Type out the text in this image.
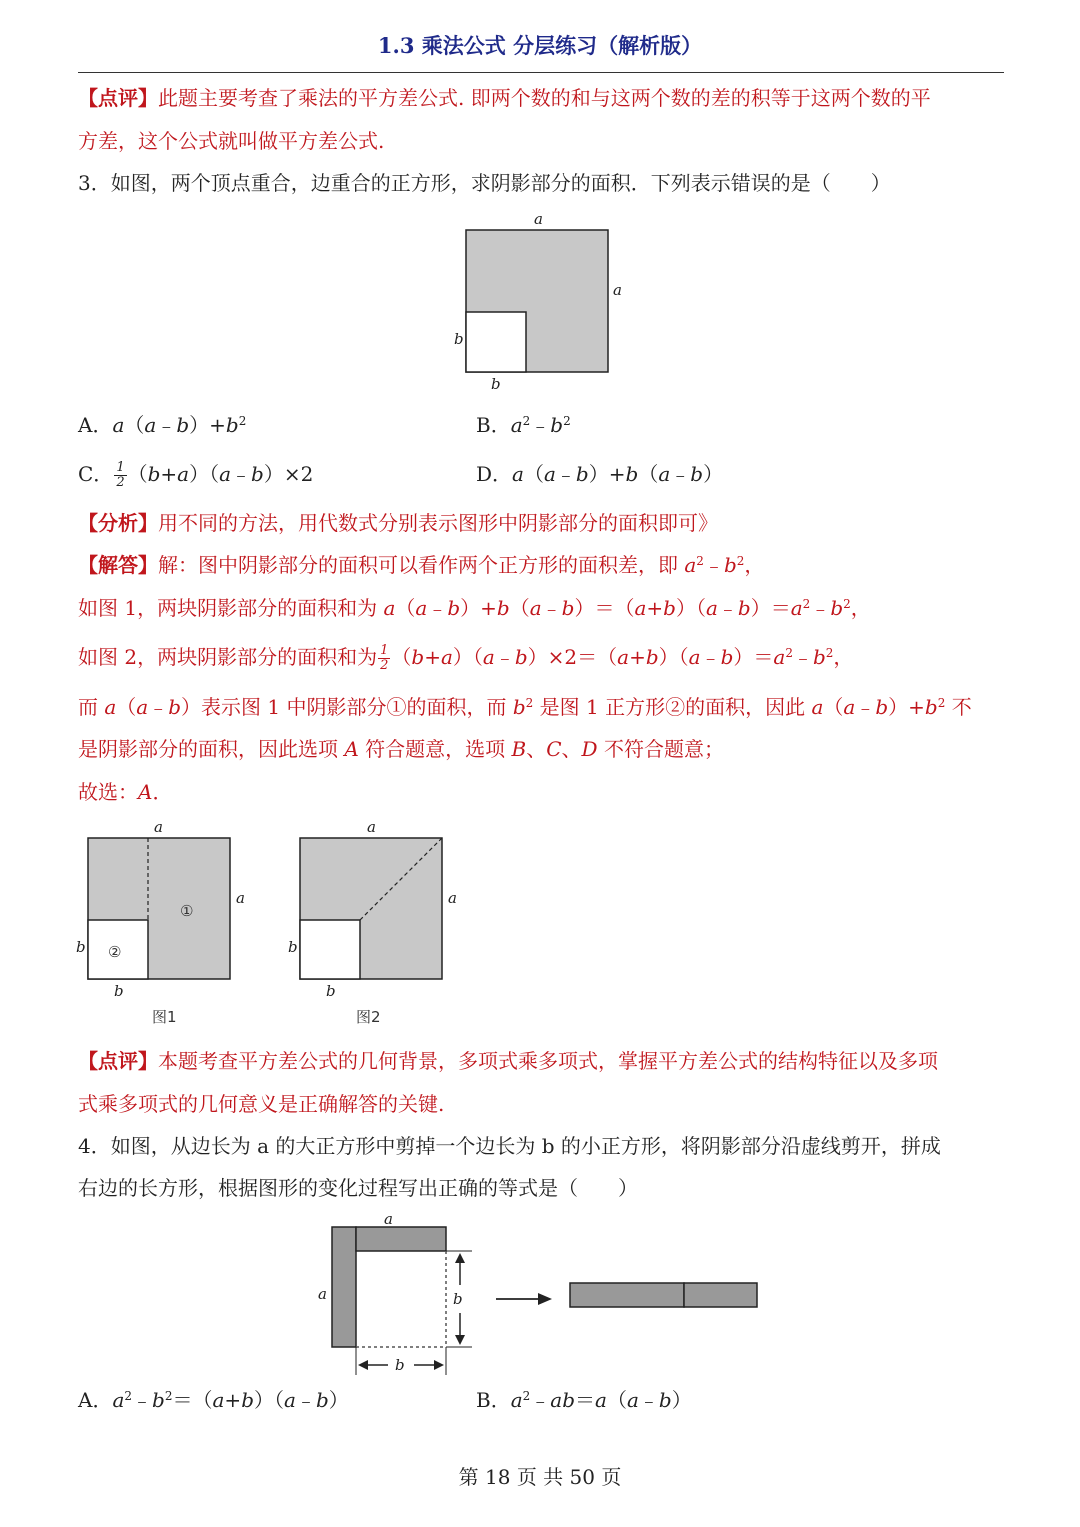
1.3 乘法公式 分层练习（解析版）
【点评】此题主要考查了乘法的平方差公式. 即两个数的和与这两个数的差的积等于这两个数的平
方差，这个公式就叫做平方差公式.
3．如图，两个顶点重合，边重合的正方形，求阴影部分的面积．下列表示错误的是（　　）
a
a
b
b
A．$a(a﹣b)+b^2$	B．$a^2﹣b^2$
C． $\frac{1}{2}$ （b+a）（a﹣b）×2	D．a（a﹣b）+b（a﹣b）
【分析】用不同的方法，用代数式分别表示图形中阴影部分的面积即可》
【解答】解：图中阴影部分的面积可以看作两个正方形的面积差，即 $a^2﹣b^2$，
如图 1，两块阴影部分的面积和为 $a(a﹣b)+b(a﹣b)=(a+b)(a﹣b)=a^2﹣b^2$，
如图 2，两块阴影部分的面积和为 $\frac{1}{2}$ $(b+a)(a﹣b)\times 2=(a+b)(a﹣b)=a^2﹣b^2$，
而 a（a﹣b）表示图 1 中阴影部分①的面积，而 $b^2$ 是图 1 正方形②的面积，因此 $a(a﹣b)+b^2$ 不
是阴影部分的面积，因此选项 A 符合题意，选项 B、C、D 不符合题意；
故选：A．
a
a
b
b
①
②
图1
a
a
b
b
图2
【点评】本题考查平方差公式的几何背景，多项式乘多项式，掌握平方差公式的结构特征以及多项
式乘多项式的几何意义是正确解答的关键.
4．如图，从边长为 a 的大正方形中剪掉一个边长为 b 的小正方形，将阴影部分沿虚线剪开，拼成
右边的长方形，根据图形的变化过程写出正确的等式是（　　）
a
a	b
b
A．$a^2﹣b^2=(a+b)(a﹣b)$	B．$a^2﹣ab=a(a﹣b)$
第 18 页 共 50 页
